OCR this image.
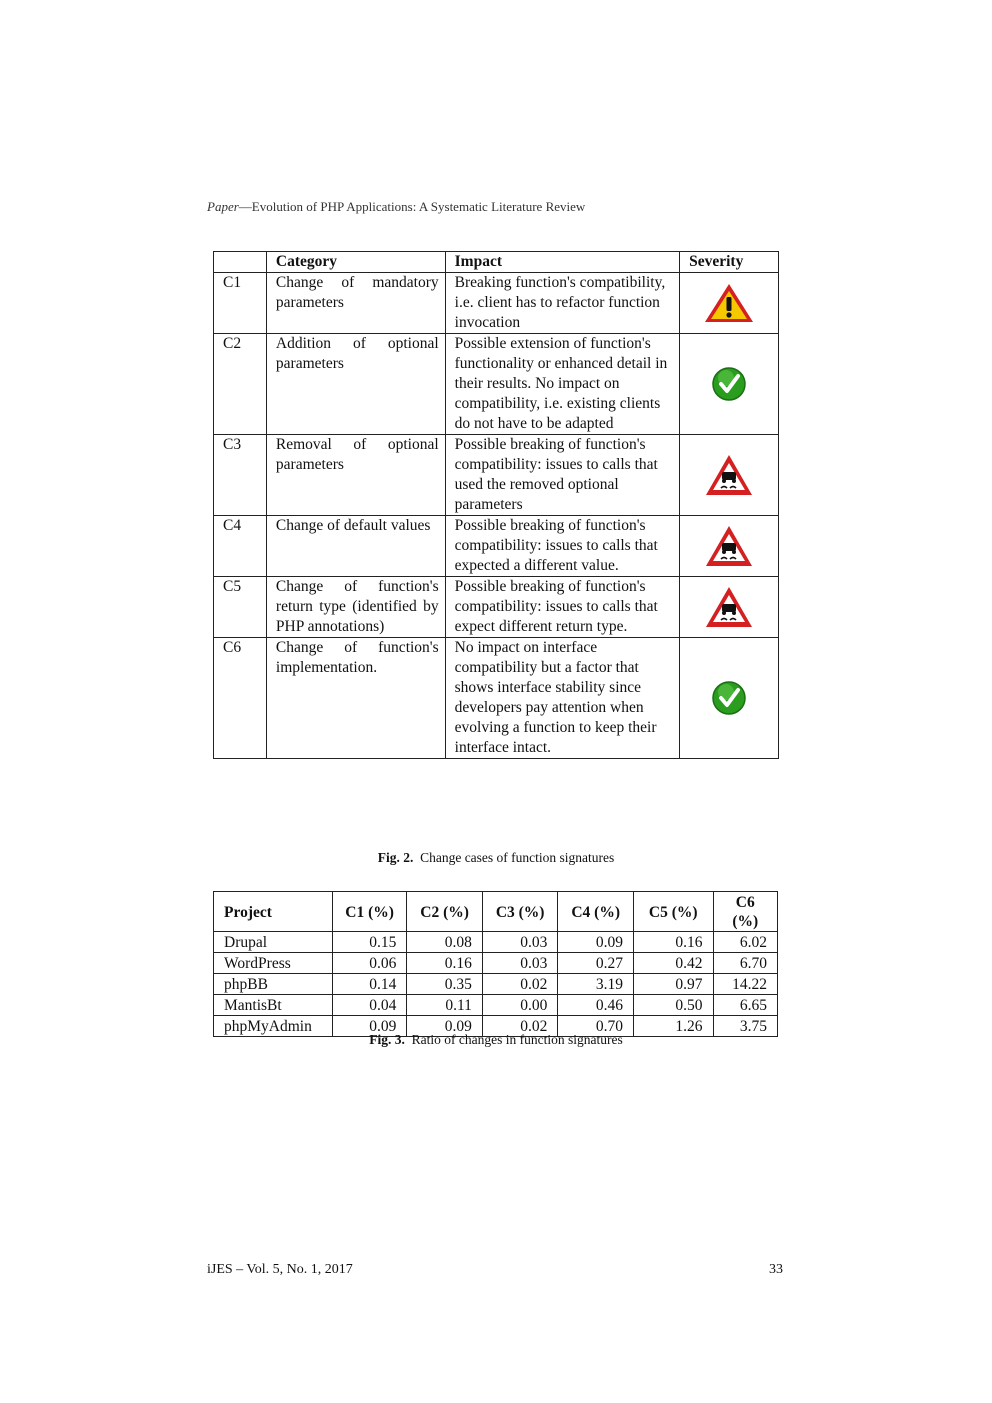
Paper—Evolution of PHP Applications: A Systematic Literature Review
	Category	Impact	Severity
C1	Change of mandatory parameters	Breaking function's compatibility, i.e. client has to refactor function invocation	
C2	Addition of optional parameters	Possible extension of function's functionality or enhanced detail in their results. No impact on compatibility, i.e. existing clients do not have to be adapted	
C3	Removal of optional parameters	Possible breaking of function's compatibility: issues to calls that used the removed optional parameters	
C4	Change of default values	Possible breaking of function's compatibility: issues to calls that expected a different value.	
C5	Change of function's return type (identified by PHP annotations)	Possible breaking of function's compatibility: issues to calls that expect different return type.	
C6	Change of function's implementation.	No impact on interface compatibility but a factor that shows interface stability since developers pay attention when evolving a function to keep their interface intact.	
Fig. 2. Change cases of function signatures
Project	C1 (%)	C2 (%)	C3 (%)	C4 (%)	C5 (%)	C6 (%)
Drupal	0.15	0.08	0.03	0.09	0.16	6.02
WordPress	0.06	0.16	0.03	0.27	0.42	6.70
phpBB	0.14	0.35	0.02	3.19	0.97	14.22
MantisBt	0.04	0.11	0.00	0.46	0.50	6.65
phpMyAdmin	0.09	0.09	0.02	0.70	1.26	3.75
Fig. 3. Ratio of changes in function signatures
iJES – Vol. 5, No. 1, 2017	33
